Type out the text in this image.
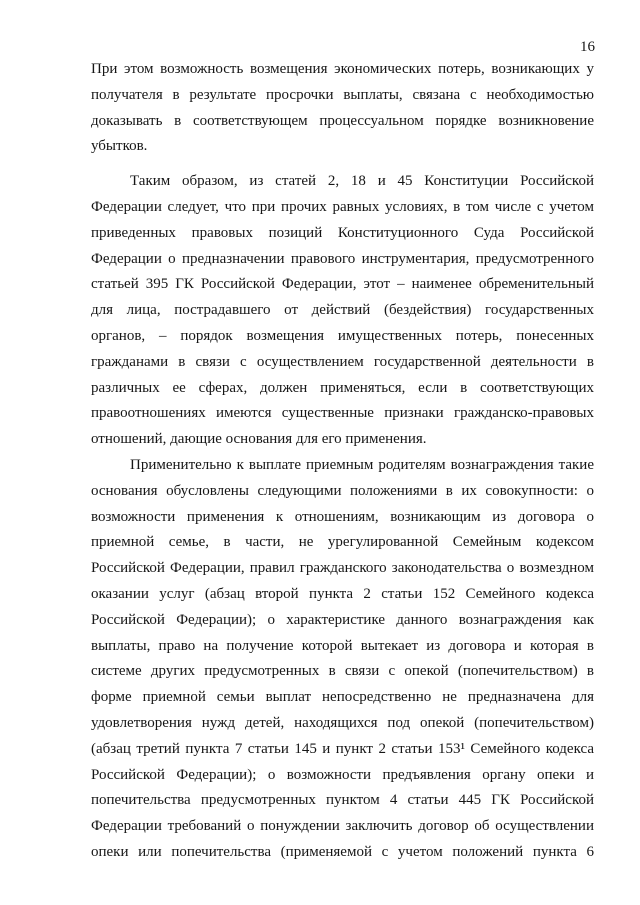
16
При этом возможность возмещения экономических потерь, возникающих у
получателя в результате просрочки выплаты, связана с необходимостью
доказывать в соответствующем процессуальном порядке возникновение
убытков.
Таким образом, из статей 2, 18 и 45 Конституции Российской
Федерации следует, что при прочих равных условиях, в том числе с учетом
приведенных правовых позиций Конституционного Суда Российской
Федерации о предназначении правового инструментария, предусмотренного
статьей 395 ГК Российской Федерации, этот – наименее обременительный
для лица, пострадавшего от действий (бездействия) государственных
органов, – порядок возмещения имущественных потерь, понесенных
гражданами в связи с осуществлением государственной деятельности в
различных ее сферах, должен применяться, если в соответствующих
правоотношениях имеются существенные признаки гражданско-правовых
отношений, дающие основания для его применения.
Применительно к выплате приемным родителям вознаграждения такие
основания обусловлены следующими положениями в их совокупности: о
возможности применения к отношениям, возникающим из договора о
приемной семье, в части, не урегулированной Семейным кодексом
Российской Федерации, правил гражданского законодательства о возмездном
оказании услуг (абзац второй пункта 2 статьи 152 Семейного кодекса
Российской Федерации); о характеристике данного вознаграждения как
выплаты, право на получение которой вытекает из договора и которая в
системе других предусмотренных в связи с опекой (попечительством) в
форме приемной семьи выплат непосредственно не предназначена для
удовлетворения нужд детей, находящихся под опекой (попечительством)
(абзац третий пункта 7 статьи 145 и пункт 2 статьи 153¹ Семейного кодекса
Российской Федерации); о возможности предъявления органу опеки и
попечительства предусмотренных пунктом 4 статьи 445 ГК Российской
Федерации требований о понуждении заключить договор об осуществлении
опеки или попечительства (применяемой с учетом положений пункта 6
